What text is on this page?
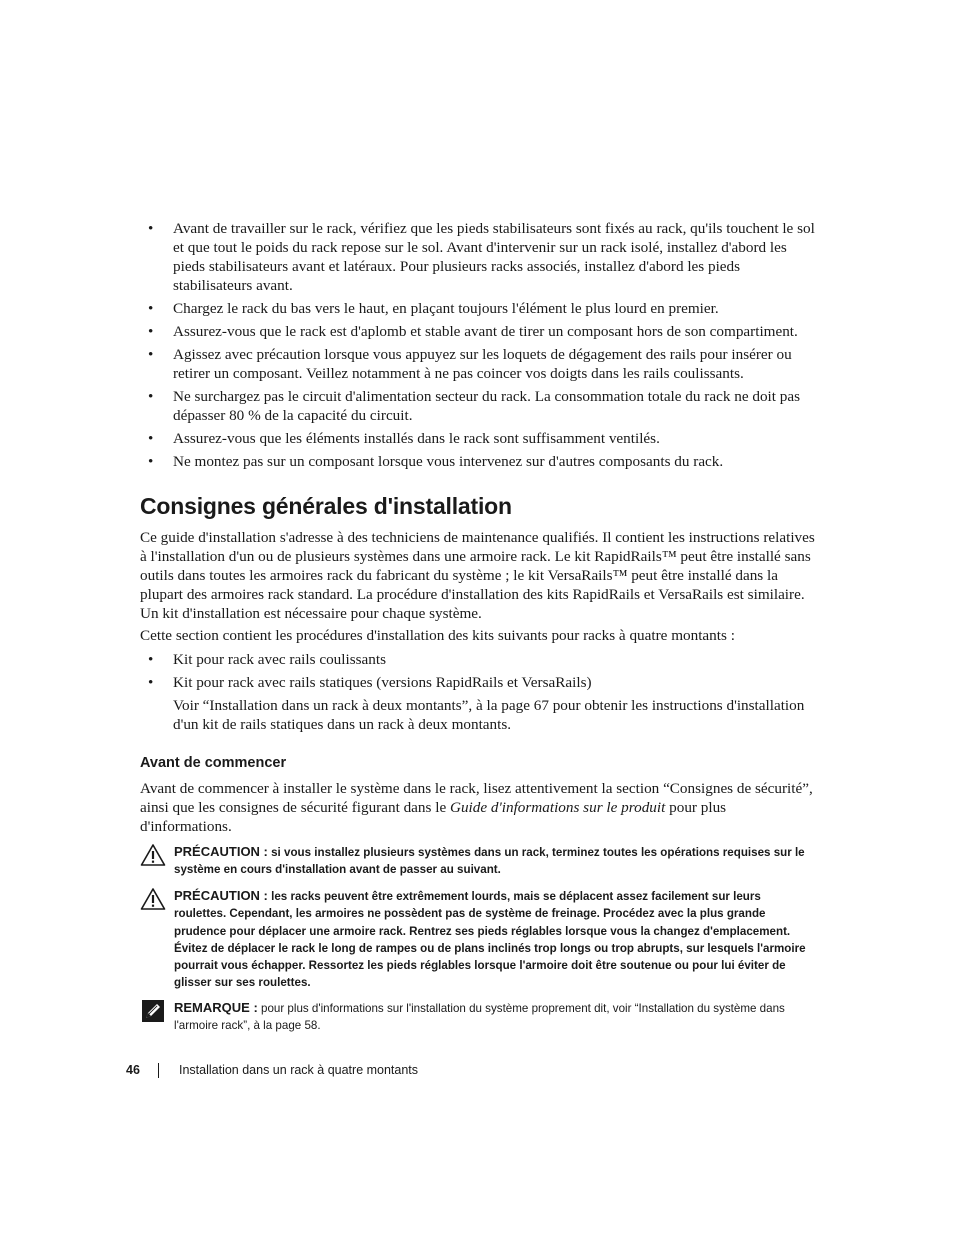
• Avant de travailler sur le rack, vérifiez que les pieds stabilisateurs sont fixés au rack, qu'ils touchent le sol et que tout le poids du rack repose sur le sol. Avant d'intervenir sur un rack isolé, installez d'abord les pieds stabilisateurs avant et latéraux. Pour plusieurs racks associés, installez d'abord les pieds stabilisateurs avant.
• Chargez le rack du bas vers le haut, en plaçant toujours l'élément le plus lourd en premier.
• Assurez-vous que le rack est d'aplomb et stable avant de tirer un composant hors de son compartiment.
• Agissez avec précaution lorsque vous appuyez sur les loquets de dégagement des rails pour insérer ou retirer un composant. Veillez notamment à ne pas coincer vos doigts dans les rails coulissants.
• Ne surchargez pas le circuit d'alimentation secteur du rack. La consommation totale du rack ne doit pas dépasser 80 % de la capacité du circuit.
• Assurez-vous que les éléments installés dans le rack sont suffisamment ventilés.
• Ne montez pas sur un composant lorsque vous intervenez sur d'autres composants du rack.
Consignes générales d'installation

Ce guide d'installation s'adresse à des techniciens de maintenance qualifiés. Il contient les instructions relatives à l'installation d'un ou de plusieurs systèmes dans une armoire rack. Le kit RapidRails™ peut être installé sans outils dans toutes les armoires rack du fabricant du système ; le kit VersaRails™ peut être installé dans la plupart des armoires rack standard. La procédure d'installation des kits RapidRails et VersaRails est similaire. Un kit d'installation est nécessaire pour chaque système.

Cette section contient les procédures d'installation des kits suivants pour racks à quatre montants :

• Kit pour rack avec rails coulissants
• Kit pour rack avec rails statiques (versions RapidRails et VersaRails)

Voir “Installation dans un rack à deux montants”, à la page 67 pour obtenir les instructions d'installation d'un kit de rails statiques dans un rack à deux montants.

Avant de commencer

Avant de commencer à installer le système dans le rack, lisez attentivement la section “Consignes de sécurité”, ainsi que les consignes de sécurité figurant dans le Guide d'informations sur le produit pour plus d'informations.

PRÉCAUTION : si vous installez plusieurs systèmes dans un rack, terminez toutes les opérations requises sur le système en cours d'installation avant de passer au suivant.
PRÉCAUTION : les racks peuvent être extrêmement lourds, mais se déplacent assez facilement sur leurs roulettes. Cependant, les armoires ne possèdent pas de système de freinage. Procédez avec la plus grande prudence pour déplacer une armoire rack. Rentrez ses pieds réglables lorsque vous la changez d'emplacement. Évitez de déplacer le rack le long de rampes ou de plans inclinés trop longs ou trop abrupts, sur lesquels l'armoire pourrait vous échapper. Ressortez les pieds réglables lorsque l'armoire doit être soutenue ou pour lui éviter de glisser sur ses roulettes.
REMARQUE : pour plus d'informations sur l'installation du système proprement dit, voir “Installation du système dans l'armoire rack”, à la page 58.
46	Installation dans un rack à quatre montants
